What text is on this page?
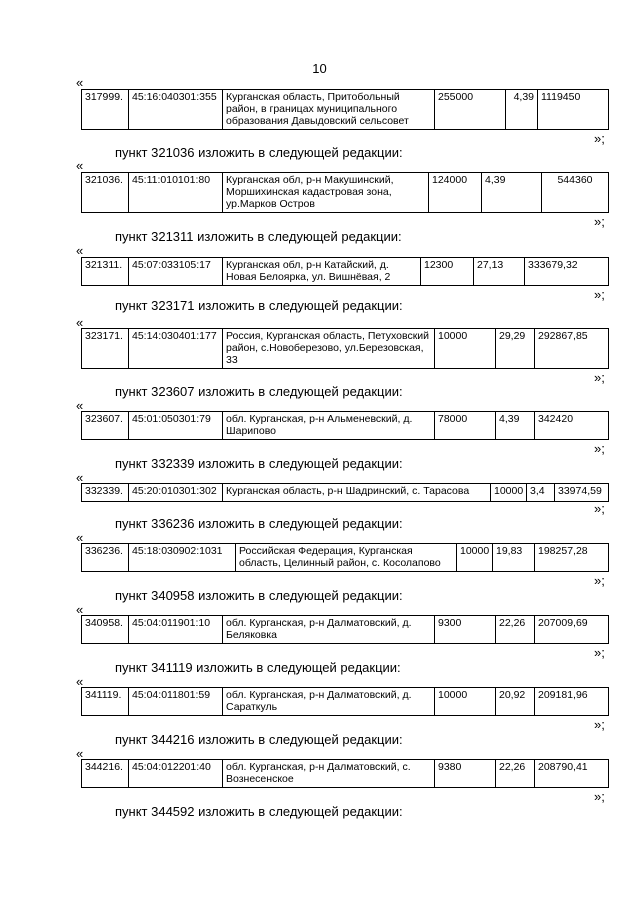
10
«
317999.	45:16:040301:355	Курганская область, Притобольный район, в границах муниципального образования Давыдовский сельсовет	255000	4,39	1119450
»;
пункт 321036 изложить в следующей редакции:
«
321036.	45:11:010101:80	Курганская обл, р-н Макушинский, Моршихинская кадастровая зона, ур.Марков Остров	124000	4,39	544360
»;
пункт 321311 изложить в следующей редакции:
«
321311.	45:07:033105:17	Курганская обл, р-н Катайский, д. Новая Белоярка, ул. Вишнёвая, 2	12300	27,13	333679,32
»;
пункт 323171 изложить в следующей редакции:
«
323171.	45:14:030401:177	Россия, Курганская область, Петуховский район, с.Новоберезово, ул.Березовская, 33	10000	29,29	292867,85
»;
пункт 323607 изложить в следующей редакции:
«
323607.	45:01:050301:79	обл. Курганская, р-н Альменевский, д. Шарипово	78000	4,39	342420
»;
пункт 332339 изложить в следующей редакции:
«
332339.	45:20:010301:302	Курганская область, р-н Шадринский, с. Тарасова	10000	3,4	33974,59
»;
пункт 336236 изложить в следующей редакции:
«
336236.	45:18:030902:1031	Российская Федерация, Курганская область, Целинный район, с. Косолапово	10000	19,83	198257,28
»;
пункт 340958 изложить в следующей редакции:
«
340958.	45:04:011901:10	обл. Курганская, р-н Далматовский, д. Беляковка	9300	22,26	207009,69
»;
пункт 341119 изложить в следующей редакции:
«
341119.	45:04:011801:59	обл. Курганская, р-н Далматовский, д. Сараткуль	10000	20,92	209181,96
»;
пункт 344216 изложить в следующей редакции:
«
344216.	45:04:012201:40	обл. Курганская, р-н Далматовский, с. Вознесенское	9380	22,26	208790,41
»;
пункт 344592 изложить в следующей редакции:
